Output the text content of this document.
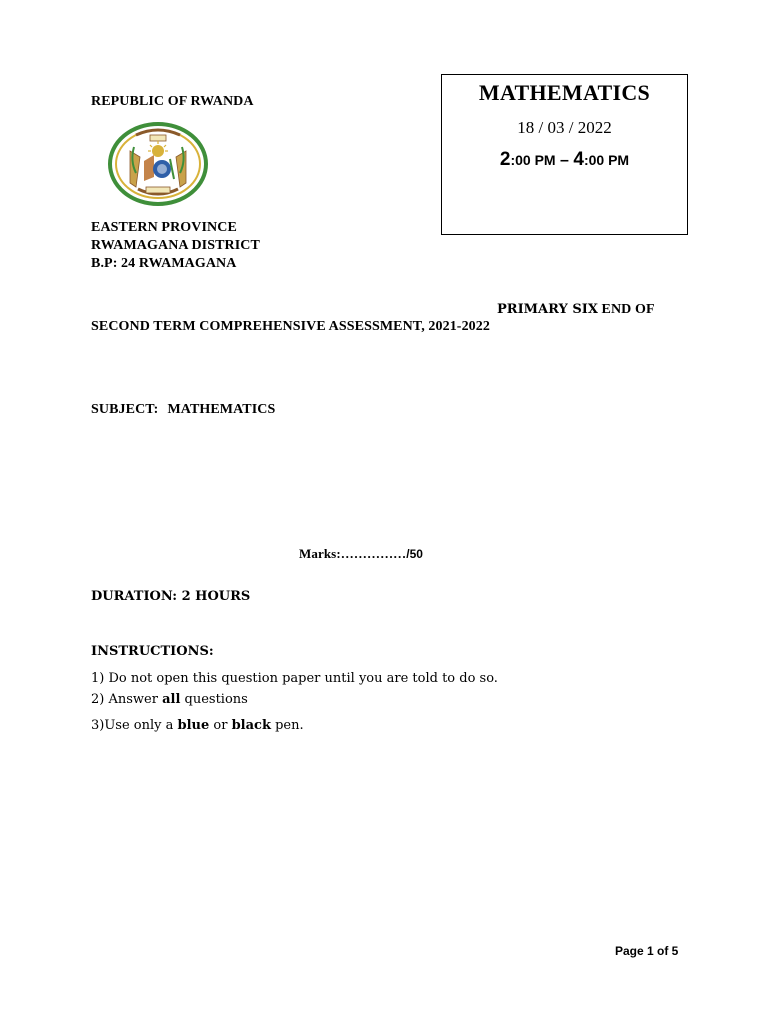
REPUBLIC OF RWANDA
EASTERN PROVINCE
RWAMAGANA DISTRICT
B.P: 24 RWAMAGANA
MATHEMATICS
18 / 03 / 2022
2:00 PM – 4:00 PM
PRIMARY SIX END OF
SECOND TERM COMPREHENSIVE ASSESSMENT, 2021-2022
SUBJECT: MATHEMATICS
Marks:……………/50
DURATION: 2 HOURS
INSTRUCTIONS:
1) Do not open this question paper until you are told to do so.
2) Answer all questions
3)Use only a blue or black pen.
Page 1 of 5
